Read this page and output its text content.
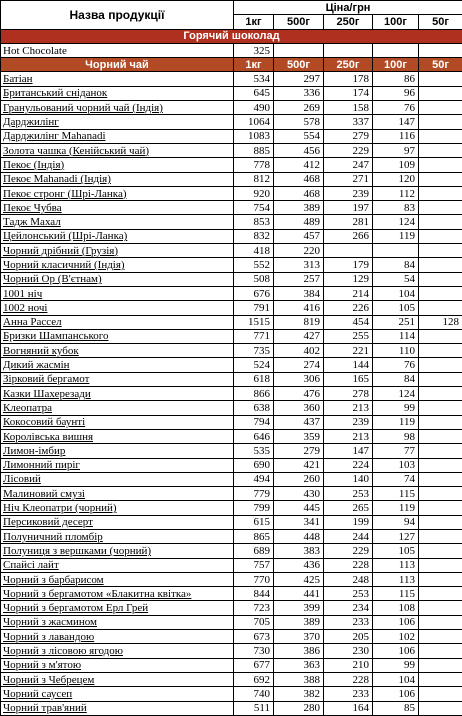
Назва продукції	Ціна/грн				
	1кг	500г	250г	100г	50г
Горячий шоколад					
Hot Chocolate	325				
Чорний чай	1кг	500г	250г	100г	50г
Батіан	534	297	178	86	
Британський сніданок	645	336	174	96	
Гранульований чорний чай (Індія)	490	269	158	76	
Дарджилінг	1064	578	337	147	
Дарджилінг Mahanadi	1083	554	279	116	
Золота чашка (Кенійський чай)	885	456	229	97	
Пекоє (Індія)	778	412	247	109	
Пекоє Mahanadi (Індія)	812	468	271	120	
Пекоє стронг (Шрі-Ланка)	920	468	239	112	
Пекоє Чубва	754	389	197	83	
Тадж Махал	853	489	281	124	
Цейлонський (Шрі-Ланка)	832	457	266	119	
Чорний дрібний (Грузія)	418	220			
Чорний класичний (Індія)	552	313	179	84	
Чорний Ор (В'єтнам)	508	257	129	54	
1001 ніч	676	384	214	104	
1002 ночі	791	416	226	105	
Анна Рассел	1515	819	454	251	128
Бризки Шампанського	771	427	255	114	
Вогняний кубок	735	402	221	110	
Дикий жасмін	524	274	144	76	
Зірковий бергамот	618	306	165	84	
Казки Шахерезади	866	476	278	124	
Клеопатра	638	360	213	99	
Кокосовий баунті	794	437	239	119	
Королівська вишня	646	359	213	98	
Лимон-імбир	535	279	147	77	
Лимонний пиріг	690	421	224	103	
Лісовий	494	260	140	74	
Малиновий смузі	779	430	253	115	
Ніч Клеопатри (чорний)	799	445	265	119	
Персиковий десерт	615	341	199	94	
Полуничний пломбір	865	448	244	127	
Полуниця з вершками (чорний)	689	383	229	105	
Спайсі лайт	757	436	228	113	
Чорний з барбарисом	770	425	248	113	
Чорний з бергамотом «Блакитна квітка»	844	441	253	115	
Чорний з бергамотом Ерл Грей	723	399	234	108	
Чорний з жасмином	705	389	233	106	
Чорний з лавандою	673	370	205	102	
Чорний з лісовою ягодою	730	386	230	106	
Чорний з м'ятою	677	363	210	99	
Чорний з Чебрецем	692	388	228	104	
Чорний саусеп	740	382	233	106	
Чорний трав'яний	511	280	164	85	
